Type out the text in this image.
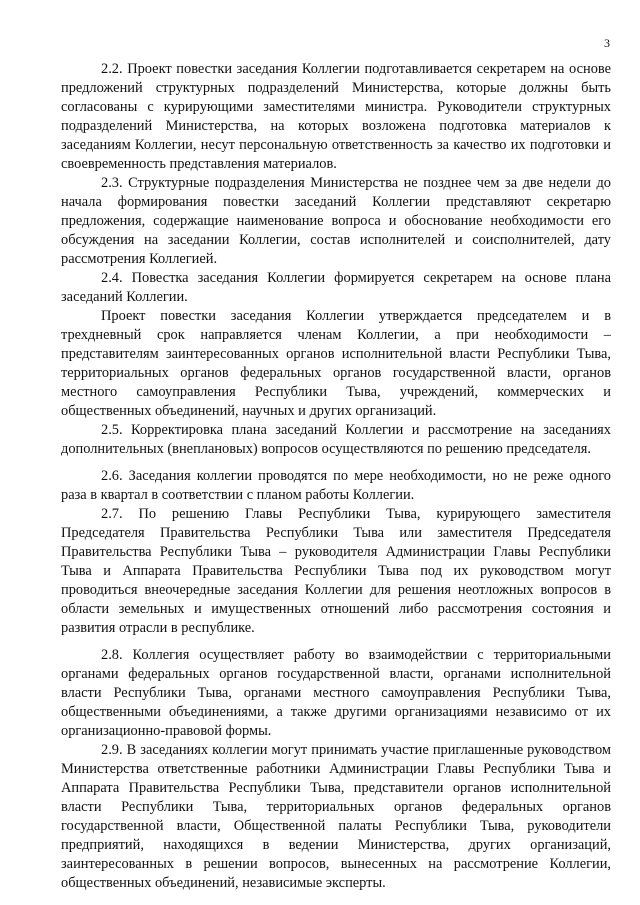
3

2.2. Проект повестки заседания Коллегии подготавливается секретарем на основе предложений структурных подразделений Министерства, которые должны быть согласованы с курирующими заместителями министра. Руководители структурных подразделений Министерства, на которых возложена подготовка материалов к заседаниям Коллегии, несут персональную ответственность за качество их подготовки и своевременность представления материалов.

2.3. Структурные подразделения Министерства не позднее чем за две недели до начала формирования повестки заседаний Коллегии представляют секретарю предложения, содержащие наименование вопроса и обоснование необходимости его обсуждения на заседании Коллегии, состав исполнителей и соисполнителей, дату рассмотрения Коллегией.

2.4. Повестка заседания Коллегии формируется секретарем на основе плана заседаний Коллегии.

Проект повестки заседания Коллегии утверждается председателем и в трехдневный срок направляется членам Коллегии, а при необходимости – представителям заинтересованных органов исполнительной власти Республики Тыва, территориальных органов федеральных органов государственной власти, органов местного самоуправления Республики Тыва, учреждений, коммерческих и общественных объединений, научных и других организаций.

2.5. Корректировка плана заседаний Коллегии и рассмотрение на заседаниях дополнительных (внеплановых) вопросов осуществляются по решению председателя.

2.6. Заседания коллегии проводятся по мере необходимости, но не реже одного раза в квартал в соответствии с планом работы Коллегии.

2.7. По решению Главы Республики Тыва, курирующего заместителя Председателя Правительства Республики Тыва или заместителя Председателя Правительства Республики Тыва – руководителя Администрации Главы Республики Тыва и Аппарата Правительства Республики Тыва под их руководством могут проводиться внеочередные заседания Коллегии для решения неотложных вопросов в области земельных и имущественных отношений либо рассмотрения состояния и развития отрасли в республике.

2.8. Коллегия осуществляет работу во взаимодействии с территориальными органами федеральных органов государственной власти, органами исполнительной власти Республики Тыва, органами местного самоуправления Республики Тыва, общественными объединениями, а также другими организациями независимо от их организационно-правовой формы.

2.9. В заседаниях коллегии могут принимать участие приглашенные руководством Министерства ответственные работники Администрации Главы Республики Тыва и Аппарата Правительства Республики Тыва, представители органов исполнительной власти Республики Тыва, территориальных органов федеральных органов государственной власти, Общественной палаты Республики Тыва, руководители предприятий, находящихся в ведении Министерства, других организаций, заинтересованных в решении вопросов, вынесенных на рассмотрение Коллегии, общественных объединений, независимые эксперты.
